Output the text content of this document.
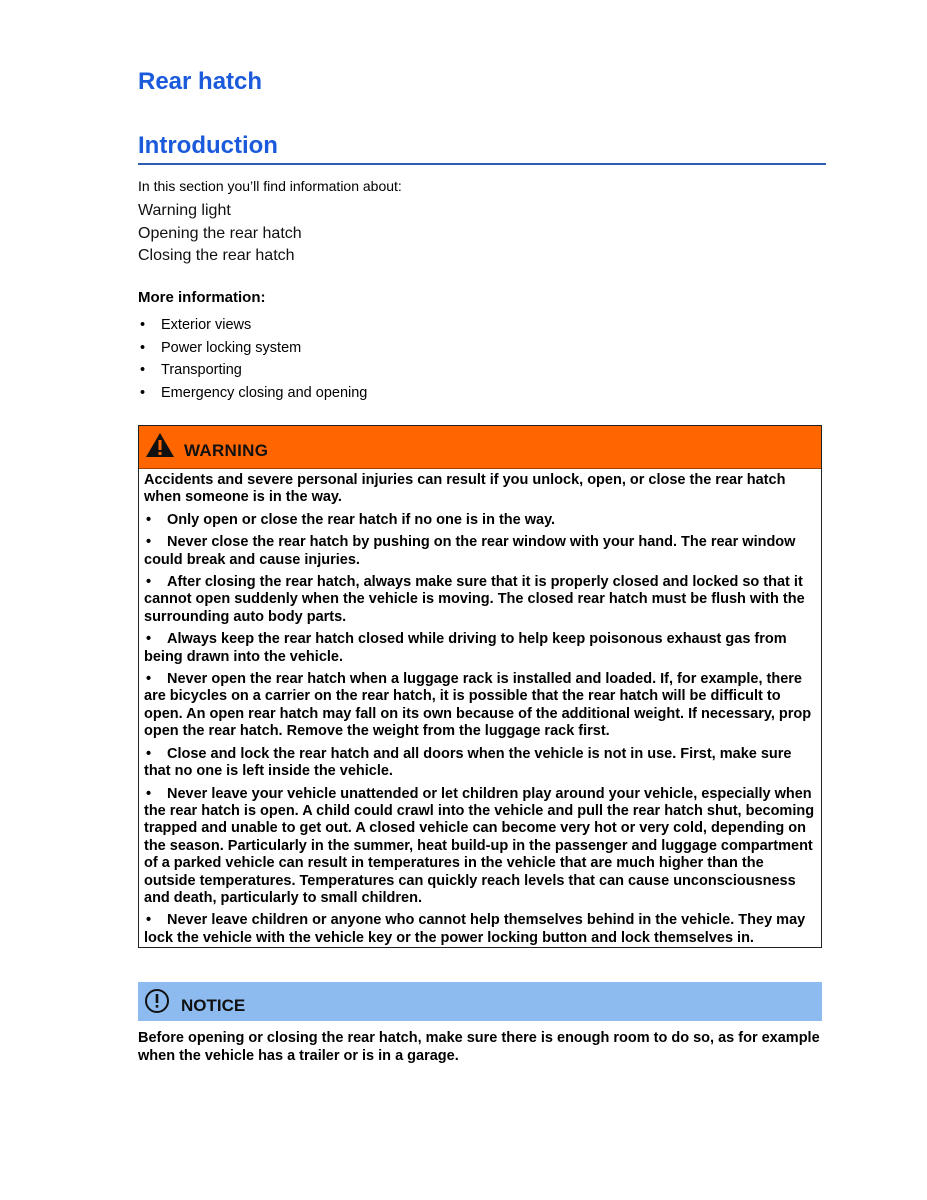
Rear hatch
Introduction
In this section you’ll find information about:
Warning light
Opening the rear hatch
Closing the rear hatch
More information:
• Exterior views
• Power locking system
• Transporting
• Emergency closing and opening
WARNING

Accidents and severe personal injuries can result if you unlock, open, or close the rear hatch when someone is in the way.

• Only open or close the rear hatch if no one is in the way.

• Never close the rear hatch by pushing on the rear window with your hand. The rear window could break and cause injuries.

• After closing the rear hatch, always make sure that it is properly closed and locked so that it cannot open suddenly when the vehicle is moving. The closed rear hatch must be flush with the surrounding auto body parts.

• Always keep the rear hatch closed while driving to help keep poisonous exhaust gas from being drawn into the vehicle.

• Never open the rear hatch when a luggage rack is installed and loaded. If, for example, there are bicycles on a carrier on the rear hatch, it is possible that the rear hatch will be difficult to open. An open rear hatch may fall on its own because of the additional weight. If necessary, prop open the rear hatch. Remove the weight from the luggage rack first.

• Close and lock the rear hatch and all doors when the vehicle is not in use. First, make sure that no one is left inside the vehicle.

• Never leave your vehicle unattended or let children play around your vehicle, especially when the rear hatch is open. A child could crawl into the vehicle and pull the rear hatch shut, becoming trapped and unable to get out. A closed vehicle can become very hot or very cold, depending on the season. Particularly in the summer, heat build-up in the passenger and luggage compartment of a parked vehicle can result in temperatures in the vehicle that are much higher than the outside temperatures. Temperatures can quickly reach levels that can cause unconsciousness and death, particularly to small children.

• Never leave children or anyone who cannot help themselves behind in the vehicle. They may lock the vehicle with the vehicle key or the power locking button and lock themselves in.

NOTICE
Before opening or closing the rear hatch, make sure there is enough room to do so, as for example when the vehicle has a trailer or is in a garage.
